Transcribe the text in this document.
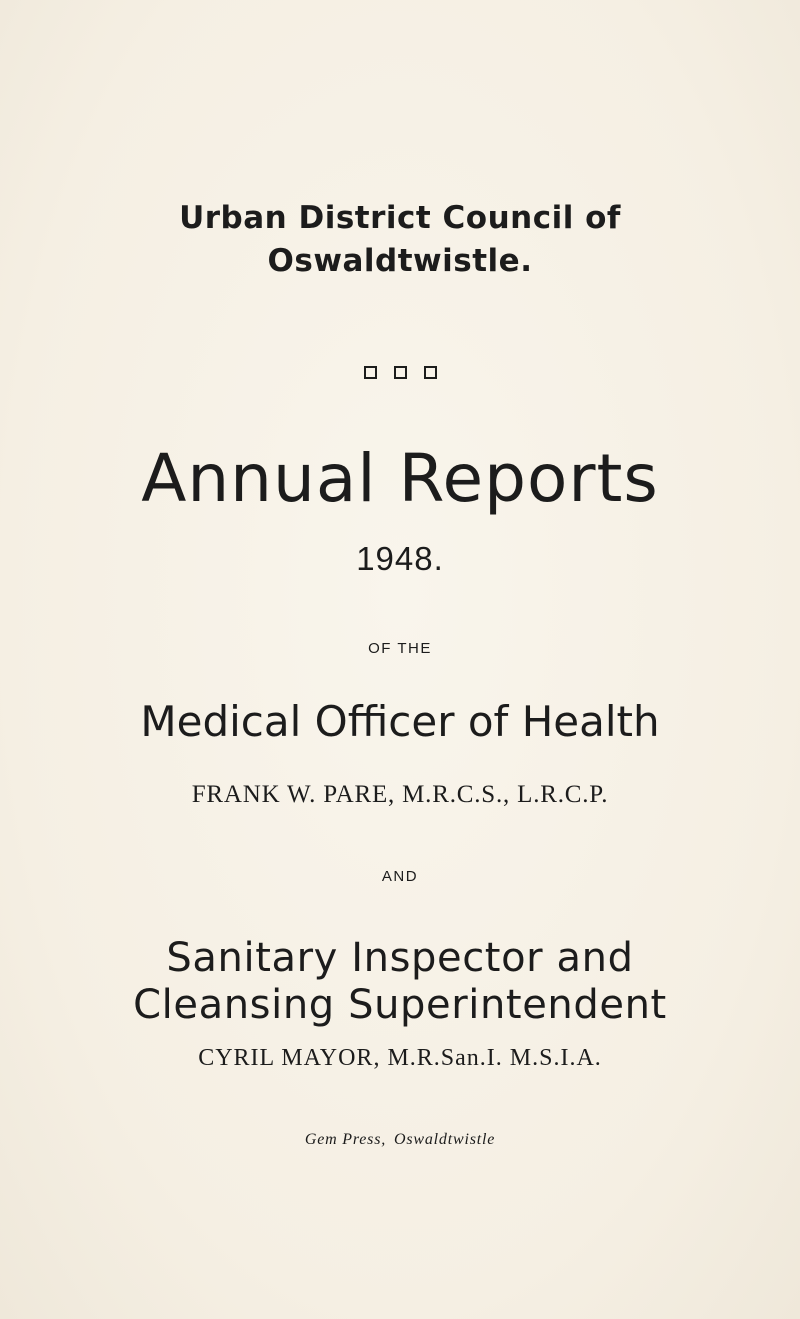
Urban District Council of
Oswaldtwistle.
Annual Reports
1948.
OF THE
Medical Officer of Health
FRANK W. PARE, M.R.C.S., L.R.C.P.
AND
Sanitary Inspector and
Cleansing Superintendent
CYRIL MAYOR, M.R.San.I. M.S.I.A.
Gem Press, Oswaldtwistle
